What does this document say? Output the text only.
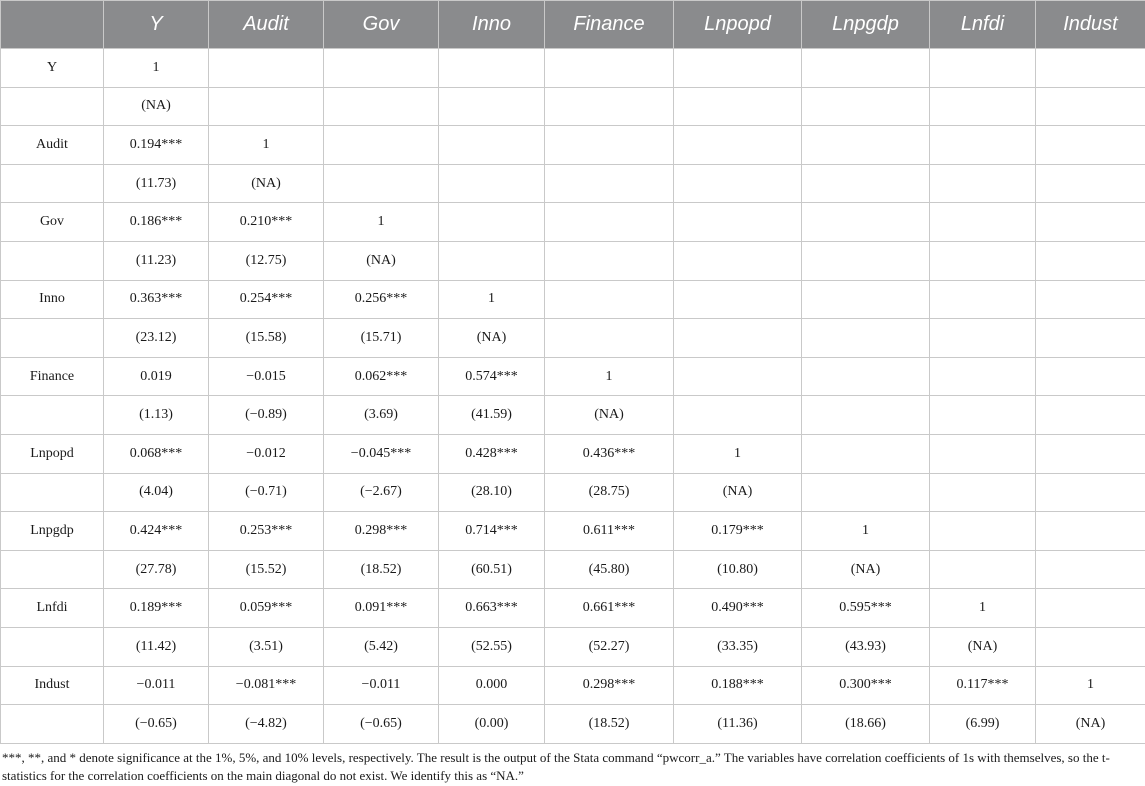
	Y	Audit	Gov	Inno	Finance	Lnpopd	Lnpgdp	Lnfdi	Indust
Y	1								
	(NA)								
Audit	0.194***	1							
	(11.73)	(NA)							
Gov	0.186***	0.210***	1						
	(11.23)	(12.75)	(NA)						
Inno	0.363***	0.254***	0.256***	1					
	(23.12)	(15.58)	(15.71)	(NA)					
Finance	0.019	−0.015	0.062***	0.574***	1				
	(1.13)	(−0.89)	(3.69)	(41.59)	(NA)				
Lnpopd	0.068***	−0.012	−0.045***	0.428***	0.436***	1			
	(4.04)	(−0.71)	(−2.67)	(28.10)	(28.75)	(NA)			
Lnpgdp	0.424***	0.253***	0.298***	0.714***	0.611***	0.179***	1		
	(27.78)	(15.52)	(18.52)	(60.51)	(45.80)	(10.80)	(NA)		
Lnfdi	0.189***	0.059***	0.091***	0.663***	0.661***	0.490***	0.595***	1	
	(11.42)	(3.51)	(5.42)	(52.55)	(52.27)	(33.35)	(43.93)	(NA)	
Indust	−0.011	−0.081***	−0.011	0.000	0.298***	0.188***	0.300***	0.117***	1
	(−0.65)	(−4.82)	(−0.65)	(0.00)	(18.52)	(11.36)	(18.66)	(6.99)	(NA)
***, **, and * denote significance at the 1%, 5%, and 10% levels, respectively. The result is the output of the Stata command “pwcorr_a.” The variables have correlation coefficients of 1s with themselves, so the t-statistics for the correlation coefficients on the main diagonal do not exist. We identify this as “NA.”
